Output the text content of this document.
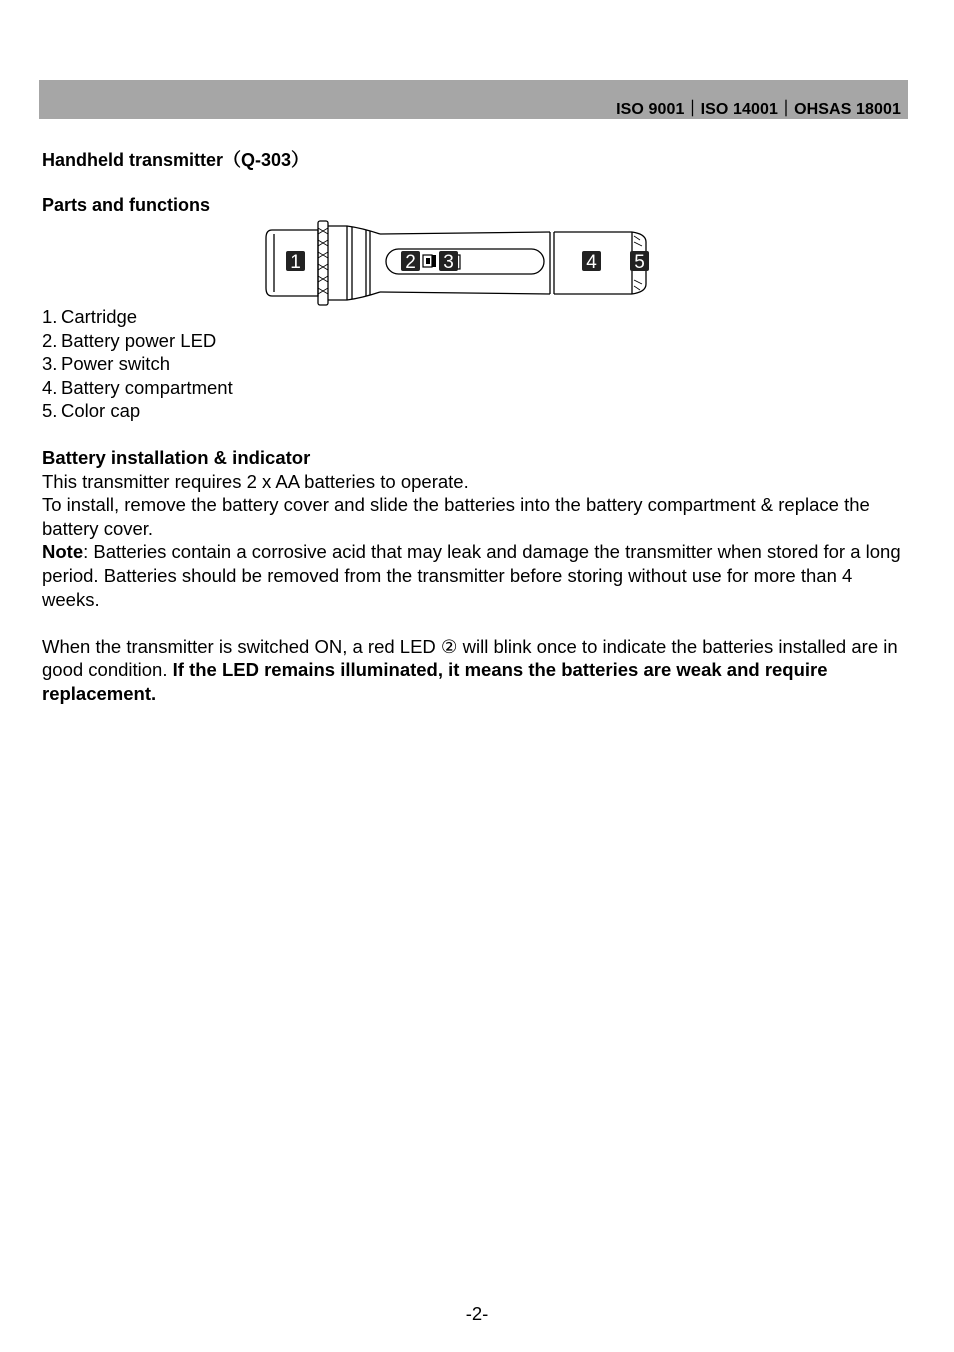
ISO 9001｜ISO 14001｜OHSAS 18001
Handheld transmitter（Q-303）
Parts and functions
1	2 3	4 5
1. Cartridge
2. Battery power LED
3. Power switch
4. Battery compartment
5. Color cap

Battery installation & indicator

This transmitter requires 2 x AA batteries to operate.

To install, remove the battery cover and slide the batteries into the battery compartment & replace the battery cover.

Note: Batteries contain a corrosive acid that may leak and damage the transmitter when stored for a long period. Batteries should be removed from the transmitter before storing without use for more than 4 weeks.

When the transmitter is switched ON, a red LED ② will blink once to indicate the batteries installed are in good condition. If the LED remains illuminated, it means the batteries are weak and require replacement.

-2-
